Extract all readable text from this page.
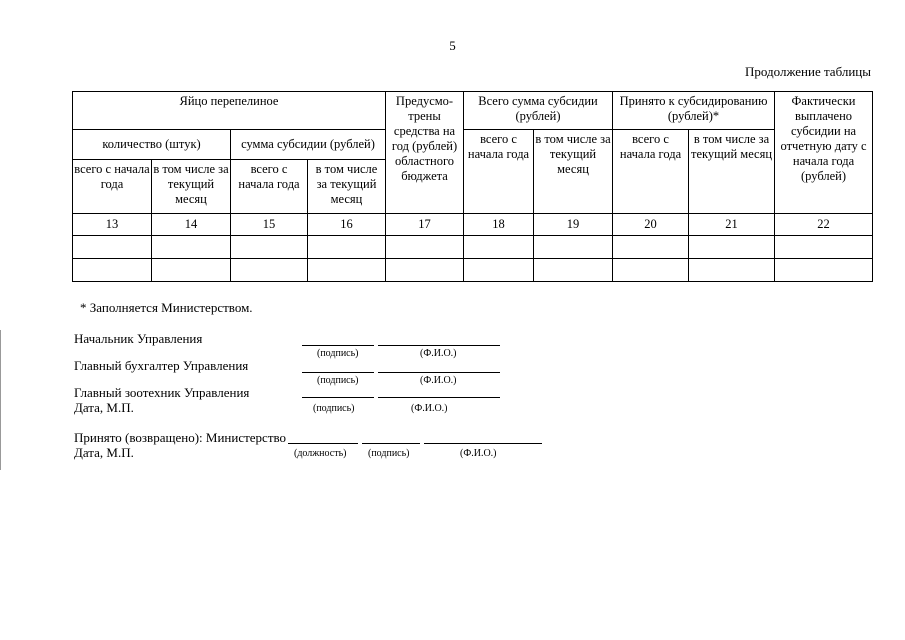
5
Продолжение таблицы
Яйцо перепелиное				Предусмо-трены средства на год (рублей) областного бюджета	Всего сумма субсидии (рублей)		Принято к субсидированию (рублей)*		Фактически выплачено субсидии на отчетную дату с начала года (рублей)
количество (штук)		сумма субсидии (рублей)			всего с начала года	в том числе за текущий месяц	всего с начала года	в том числе за текущий месяц	
всего с начала года	в том числе за текущий месяц	всего с начала года	в том числе за текущий месяц						
13	14	15	16	17	18	19	20	21	22

* Заполняется Министерством.
Начальник Управления
(подпись)	(Ф.И.О.)
Главный бухгалтер Управления
(подпись)	(Ф.И.О.)
Главный зоотехник Управления
Дата, М.П.	(подпись)	(Ф.И.О.)
Принято (возвращено): Министерство
Дата, М.П.	(должность) (подпись)	(Ф.И.О.)
